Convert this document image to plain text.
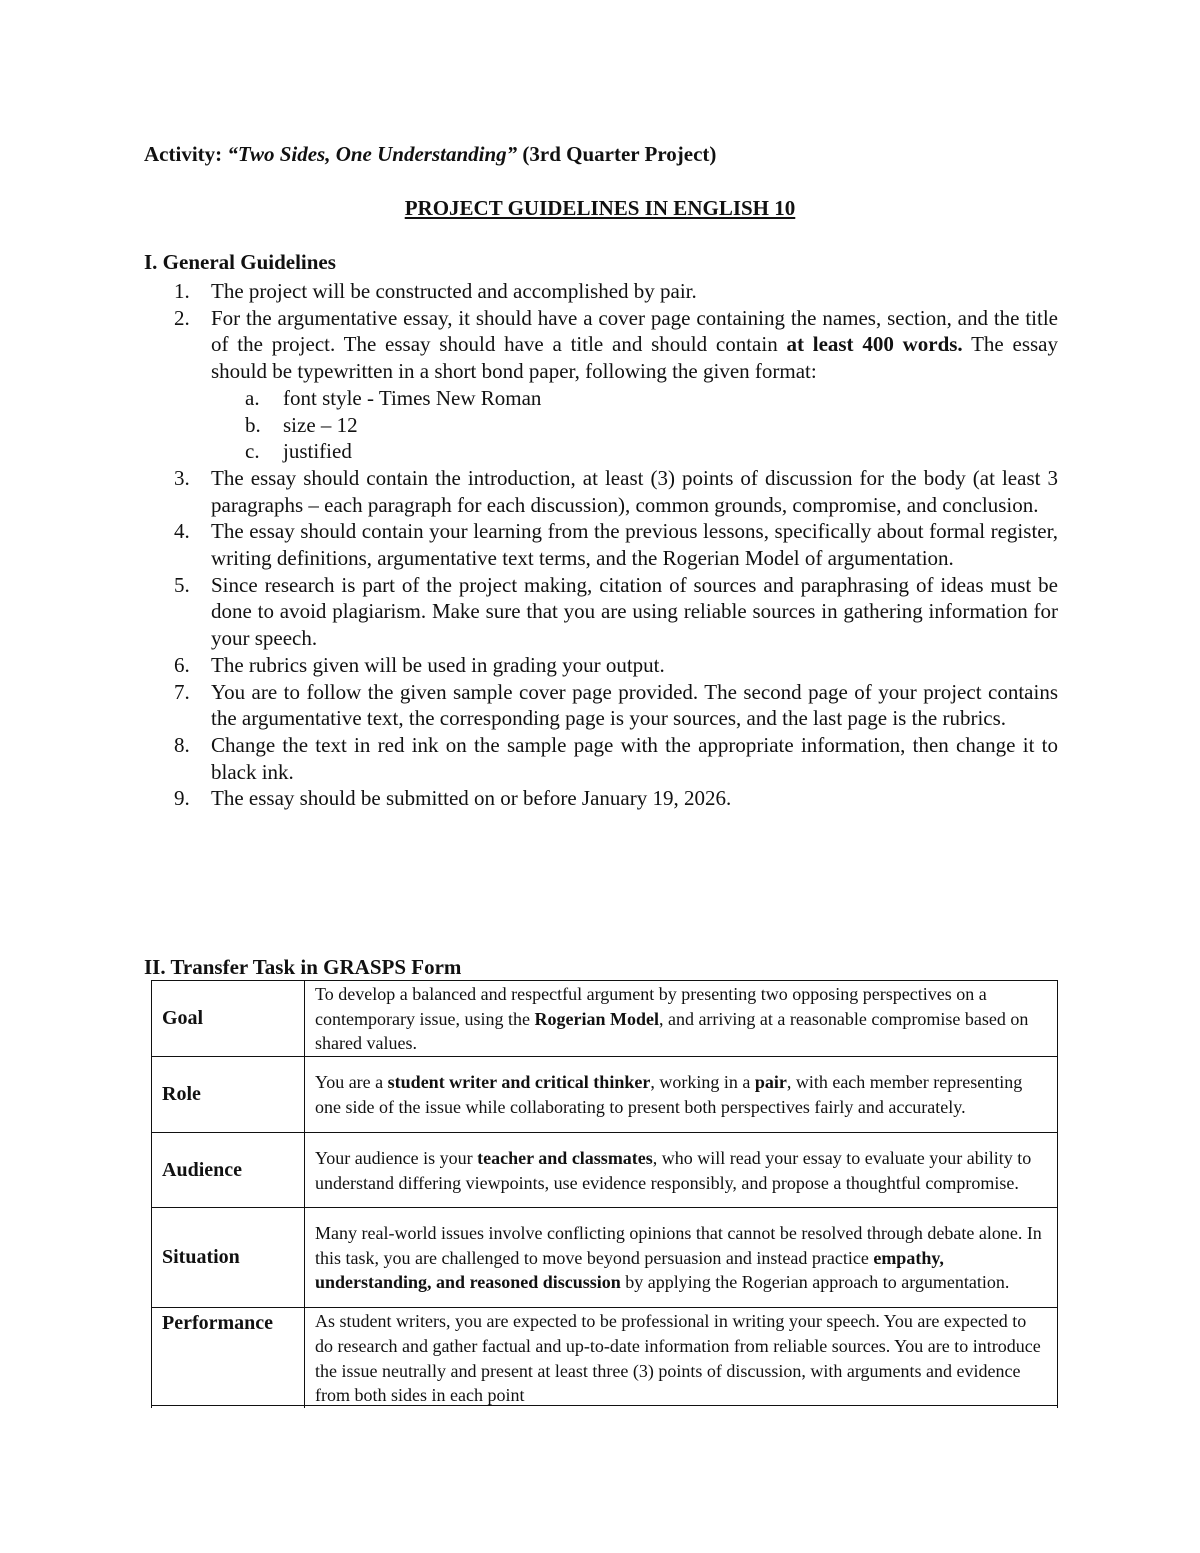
Activity: “Two Sides, One Understanding” (3rd Quarter Project)
PROJECT GUIDELINES IN ENGLISH 10
I. General Guidelines
1. The project will be constructed and accomplished by pair.
2. For the argumentative essay, it should have a cover page containing the names, section, and the title of the project. The essay should have a title and should contain at least 400 words. The essay should be typewritten in a short bond paper, following the given format:
a. font style - Times New Roman
b. size – 12
c. justified
3. The essay should contain the introduction, at least (3) points of discussion for the body (at least 3 paragraphs – each paragraph for each discussion), common grounds, compromise, and conclusion.
4. The essay should contain your learning from the previous lessons, specifically about formal register, writing definitions, argumentative text terms, and the Rogerian Model of argumentation.
5. Since research is part of the project making, citation of sources and paraphrasing of ideas must be done to avoid plagiarism. Make sure that you are using reliable sources in gathering information for your speech.
6. The rubrics given will be used in grading your output.
7. You are to follow the given sample cover page provided. The second page of your project contains the argumentative text, the corresponding page is your sources, and the last page is the rubrics.
8. Change the text in red ink on the sample page with the appropriate information, then change it to black ink.
9. The essay should be submitted on or before January 19, 2026.
II. Transfer Task in GRASPS Form
Goal	To develop a balanced and respectful argument by presenting two opposing perspectives on a contemporary issue, using the Rogerian Model, and arriving at a reasonable compromise based on shared values.
Role	You are a student writer and critical thinker, working in a pair, with each member representing one side of the issue while collaborating to present both perspectives fairly and accurately.
Audience	Your audience is your teacher and classmates, who will read your essay to evaluate your ability to understand differing viewpoints, use evidence responsibly, and propose a thoughtful compromise.
Situation	Many real-world issues involve conflicting opinions that cannot be resolved through debate alone. In this task, you are challenged to move beyond persuasion and instead practice empathy, understanding, and reasoned discussion by applying the Rogerian approach to argumentation.
Performance	As student writers, you are expected to be professional in writing your speech. You are expected to do research and gather factual and up-to-date information from reliable sources. You are to introduce the issue neutrally and present at least three (3) points of discussion, with arguments and evidence from both sides in each point
